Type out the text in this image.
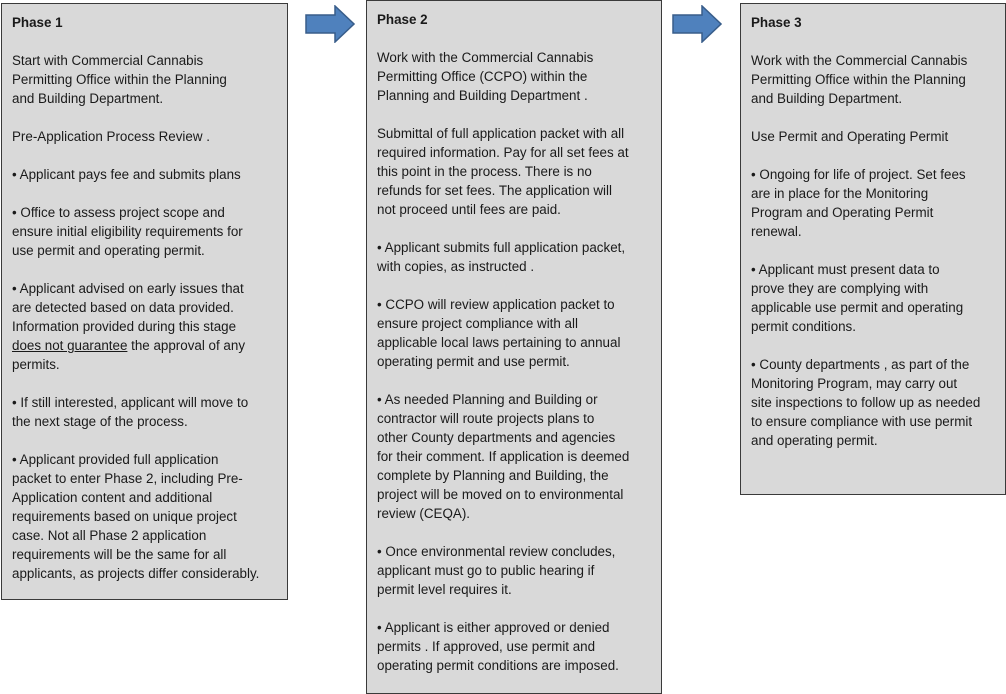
Phase 1
Start with Commercial Cannabis
Permitting Office within the Planning
and Building Department.
Pre-Application Process Review .
• Applicant pays fee and submits plans
• Office to assess project scope and
ensure initial eligibility requirements for
use permit and operating permit.
• Applicant advised on early issues that
are detected based on data provided.
Information provided during this stage
does not guarantee the approval of any
permits.
• If still interested, applicant will move to
the next stage of the process.
• Applicant provided full application
packet to enter Phase 2, including Pre-
Application content and additional
requirements based on unique project
case. Not all Phase 2 application
requirements will be the same for all
applicants, as projects differ considerably.
Phase 2
Work with the Commercial Cannabis
Permitting Office (CCPO) within the
Planning and Building Department .
Submittal of full application packet with all
required information. Pay for all set fees at
this point in the process. There is no
refunds for set fees. The application will
not proceed until fees are paid.
• Applicant submits full application packet,
with copies, as instructed .
• CCPO will review application packet to
ensure project compliance with all
applicable local laws pertaining to annual
operating permit and use permit.
• As needed Planning and Building or
contractor will route projects plans to
other County departments and agencies
for their comment. If application is deemed
complete by Planning and Building, the
project will be moved on to environmental
review (CEQA).
• Once environmental review concludes,
applicant must go to public hearing if
permit level requires it.
• Applicant is either approved or denied
permits . If approved, use permit and
operating permit conditions are imposed.
Phase 3
Work with the Commercial Cannabis
Permitting Office within the Planning
and Building Department.
Use Permit and Operating Permit
• Ongoing for life of project. Set fees
are in place for the Monitoring
Program and Operating Permit
renewal.
• Applicant must present data to
prove they are complying with
applicable use permit and operating
permit conditions.
• County departments , as part of the
Monitoring Program, may carry out
site inspections to follow up as needed
to ensure compliance with use permit
and operating permit.
